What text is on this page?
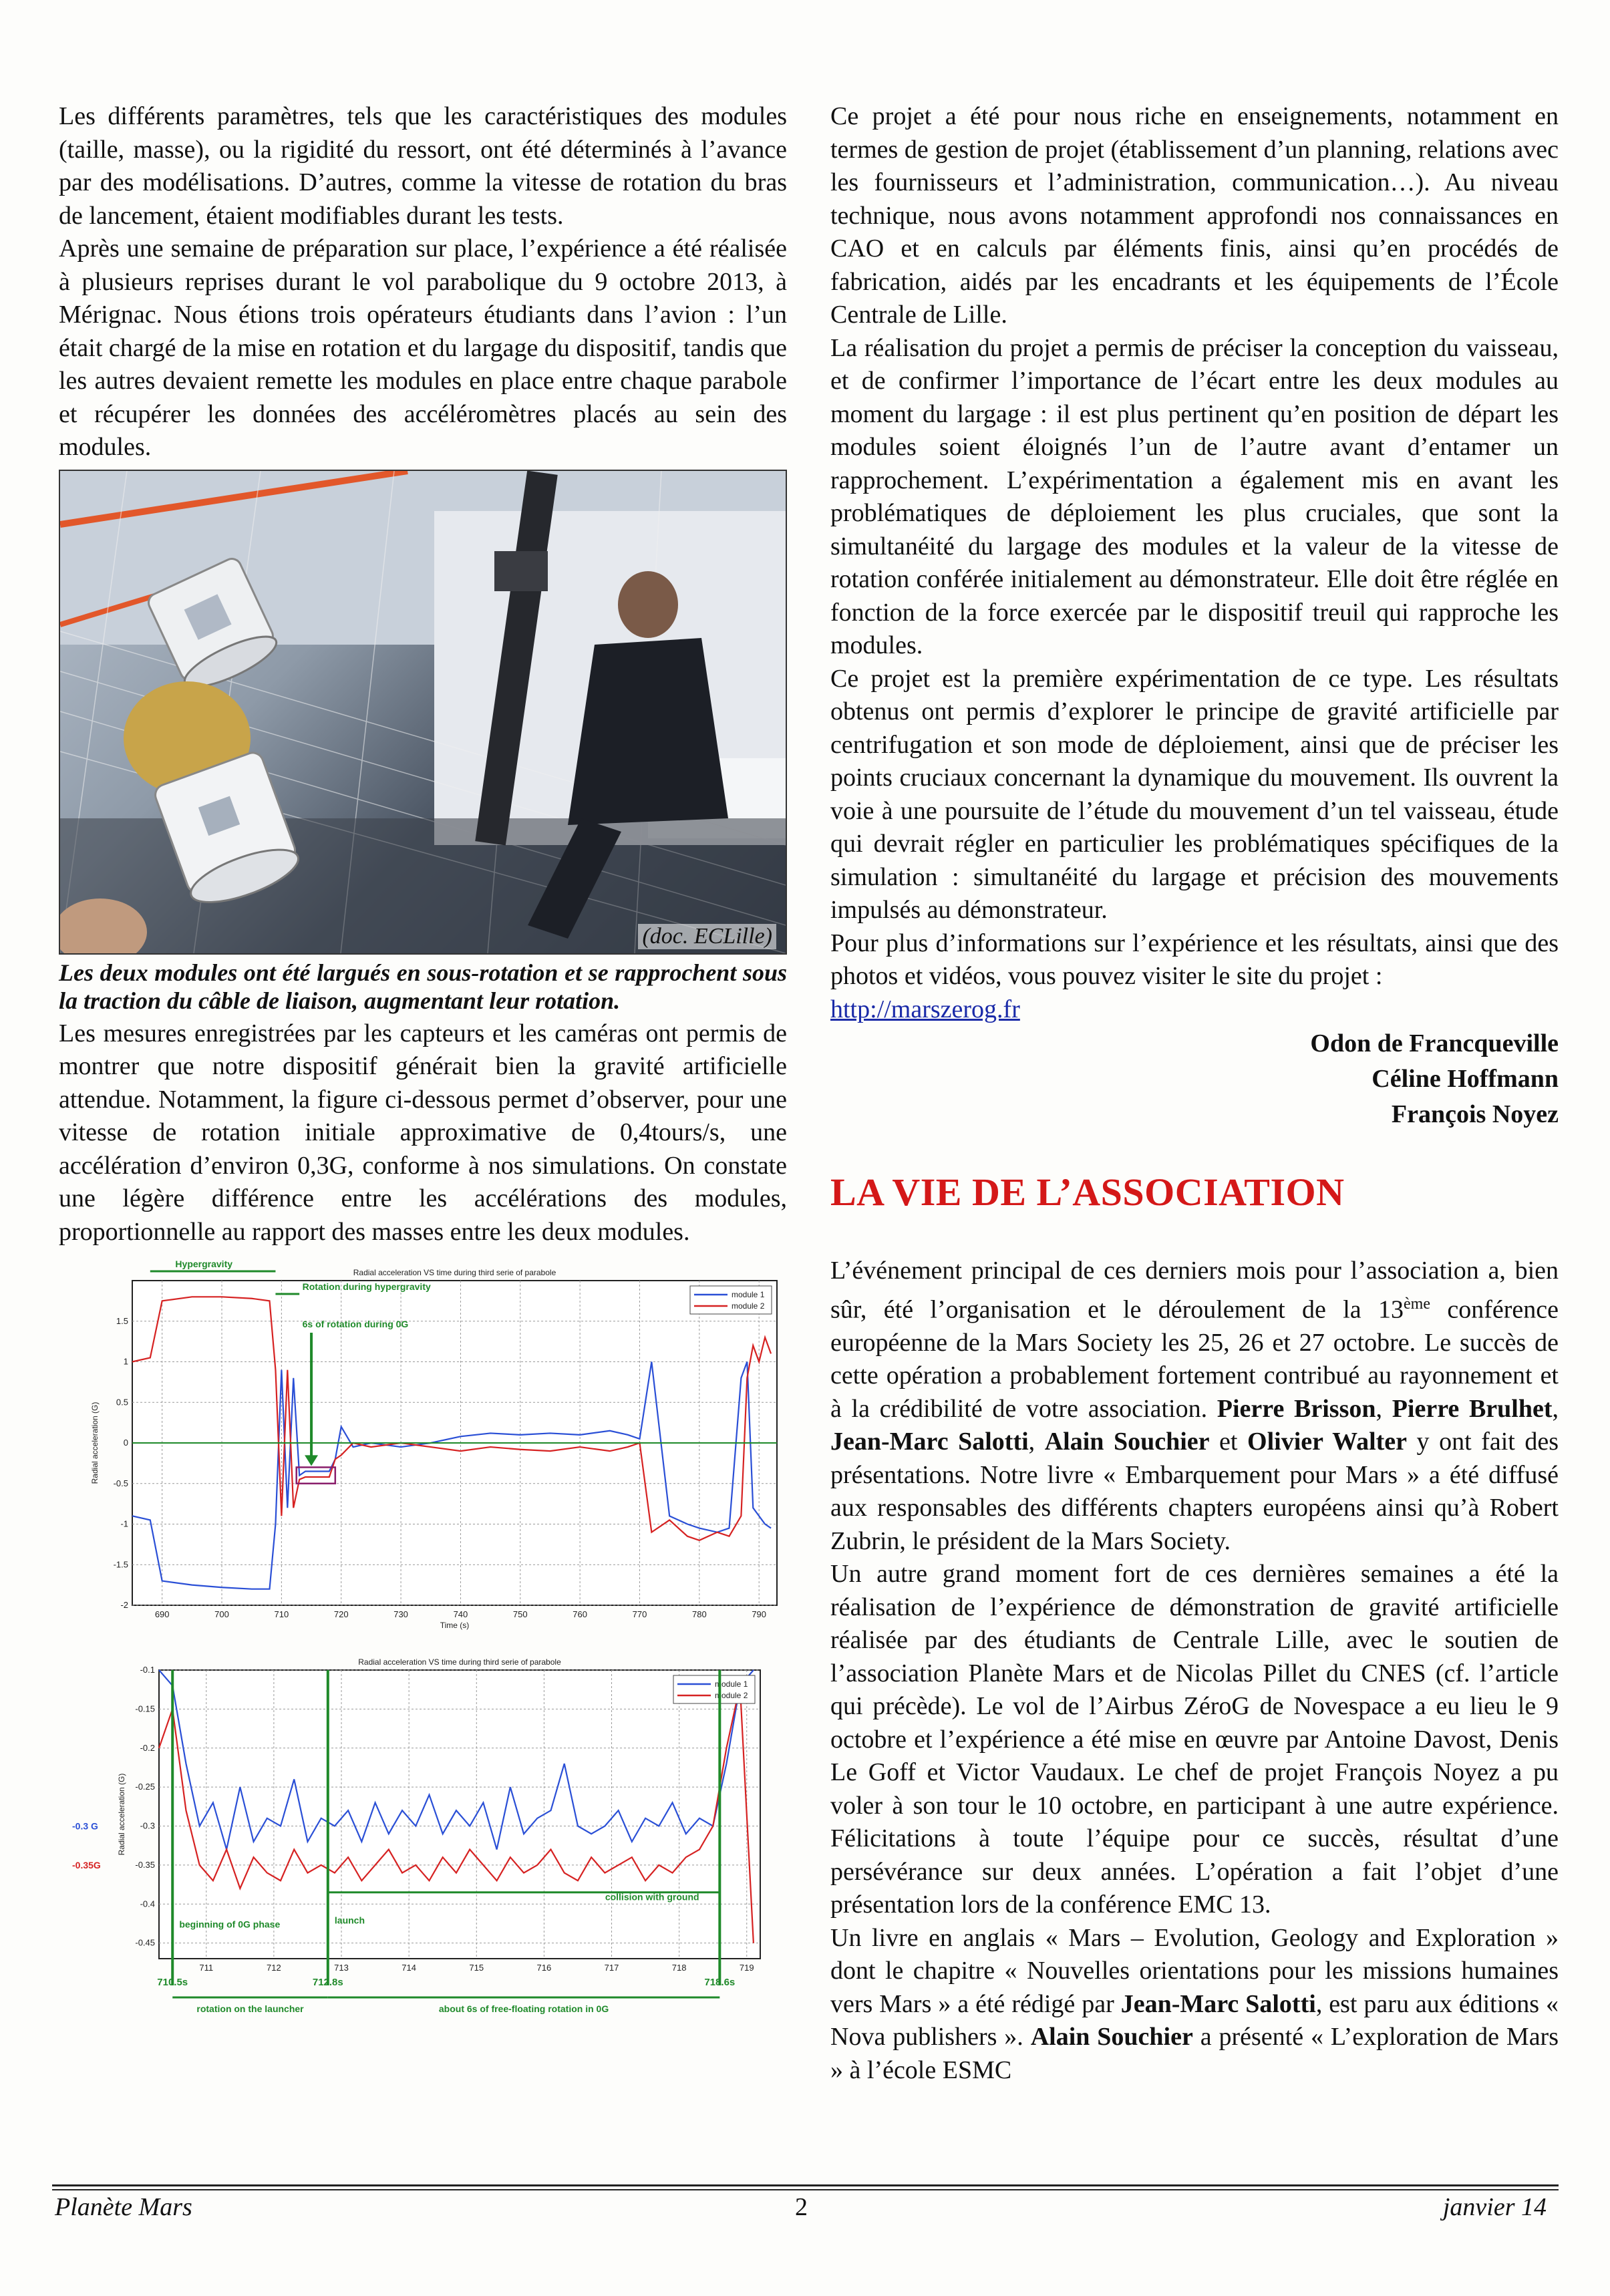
Les différents paramètres, tels que les caractéristiques des modules (taille, masse), ou la rigidité du ressort, ont été déterminés à l’avance par des modélisations. D’autres, comme la vitesse de rotation du bras de lancement, étaient modifiables durant les tests.

Après une semaine de préparation sur place, l’expérience a été réalisée à plusieurs reprises durant le vol parabolique du 9 octobre 2013, à Mérignac. Nous étions trois opérateurs étudiants dans l’avion : l’un était chargé de la mise en rotation et du largage du dispositif, tandis que les autres devaient remette les modules en place entre chaque parabole et récupérer les données des accéléromètres placés au sein des modules.

(doc. ECLille)

Les deux modules ont été largués en sous-rotation et se rapprochent sous la traction du câble de liaison, augmentant leur rotation.

Les mesures enregistrées par les capteurs et les caméras ont permis de montrer que notre dispositif générait bien la gravité artificielle attendue. Notamment, la figure ci-dessous permet d’observer, pour une vitesse de rotation initiale approximative de 0,4tours/s, une accélération d’environ 0,3G, conforme à nos simulations. On constate une légère différence entre les accélérations des modules, proportionnelle au rapport des masses entre les deux modules.

690	700	710	720	730	740	750	760	770	780	790
-2
-1.5
-1
-0.5
0
0.5
1
1.5
Radial acceleration VS time during third serie of parabole
Time (s)
Radial acceleration (G)
module 1
module 2
Hypergravity
Rotation during hypergravity
6s of rotation during 0G
711	712	713	714	715	716	717	718	719
-0.45
-0.4
-0.35
-0.3
-0.25
-0.2
-0.15
-0.1
Radial acceleration VS time during third serie of parabole
Radial acceleration (G)
module 1
module 2
-0.3 G
-0.35G
beginning of 0G phase	launch
collision with ground
710.5s	712.8s	718.6s
rotation on the launcher	about 6s of free-floating rotation in 0G

Ce projet a été pour nous riche en enseignements, notamment en termes de gestion de projet (établissement d’un planning, relations avec les fournisseurs et l’administration, communication…). Au niveau technique, nous avons notamment approfondi nos connaissances en CAO et en calculs par éléments finis, ainsi qu’en procédés de fabrication, aidés par les encadrants et les équipements de l’École Centrale de Lille.

La réalisation du projet a permis de préciser la conception du vaisseau, et de confirmer l’importance de l’écart entre les deux modules au moment du largage : il est plus pertinent qu’en position de départ les modules soient éloignés l’un de l’autre avant d’entamer un rapprochement. L’expérimentation a également mis en avant les problématiques de déploiement les plus cruciales, que sont la simultanéité du largage des modules et la valeur de la vitesse de rotation conférée initialement au démonstrateur. Elle doit être réglée en fonction de la force exercée par le dispositif treuil qui rapproche les modules.

Ce projet est la première expérimentation de ce type. Les résultats obtenus ont permis d’explorer le principe de gravité artificielle par centrifugation et son mode de déploiement, ainsi que de préciser les points cruciaux concernant la dynamique du mouvement. Ils ouvrent la voie à une poursuite de l’étude du mouvement d’un tel vaisseau, étude qui devrait régler en particulier les problématiques spécifiques de la simulation : simultanéité du largage et précision des mouvements impulsés au démonstrateur.

Pour plus d’informations sur l’expérience et les résultats, ainsi que des photos et vidéos, vous pouvez visiter le site du projet :

http://marszerog.fr

Odon de Francqueville
Céline Hoffmann
François Noyez
LA VIE DE L’ASSOCIATION

L’événement principal de ces derniers mois pour l’association a, bien sûr, été l’organisation et le déroulement de la 13ème conférence européenne de la Mars Society les 25, 26 et 27 octobre. Le succès de cette opération a probablement fortement contribué au rayonnement et à la crédibilité de votre association. Pierre Brisson, Pierre Brulhet, Jean-Marc Salotti, Alain Souchier et Olivier Walter y ont fait des présentations. Notre livre « Embarquement pour Mars » a été diffusé aux responsables des différents chapters européens ainsi qu’à Robert Zubrin, le président de la Mars Society.

Un autre grand moment fort de ces dernières semaines a été la réalisation de l’expérience de démonstration de gravité artificielle réalisée par des étudiants de Centrale Lille, avec le soutien de l’association Planète Mars et de Nicolas Pillet du CNES (cf. l’article qui précède). Le vol de l’Airbus ZéroG de Novespace a eu lieu le 9 octobre et l’expérience a été mise en œuvre par Antoine Davost, Denis Le Goff et Victor Vaudaux. Le chef de projet François Noyez a pu voler à son tour le 10 octobre, en participant à une autre expérience. Félicitations à toute l’équipe pour ce succès, résultat d’une persévérance sur deux années. L’opération a fait l’objet d’une présentation lors de la conférence EMC 13.

Un livre en anglais « Mars – Evolution, Geology and Exploration » dont le chapitre « Nouvelles orientations pour les missions humaines vers Mars » a été rédigé par Jean-Marc Salotti, est paru aux éditions « Nova publishers ». Alain Souchier a présenté « L’exploration de Mars » à l’école ESMC

Planète Mars	2	janvier 14
